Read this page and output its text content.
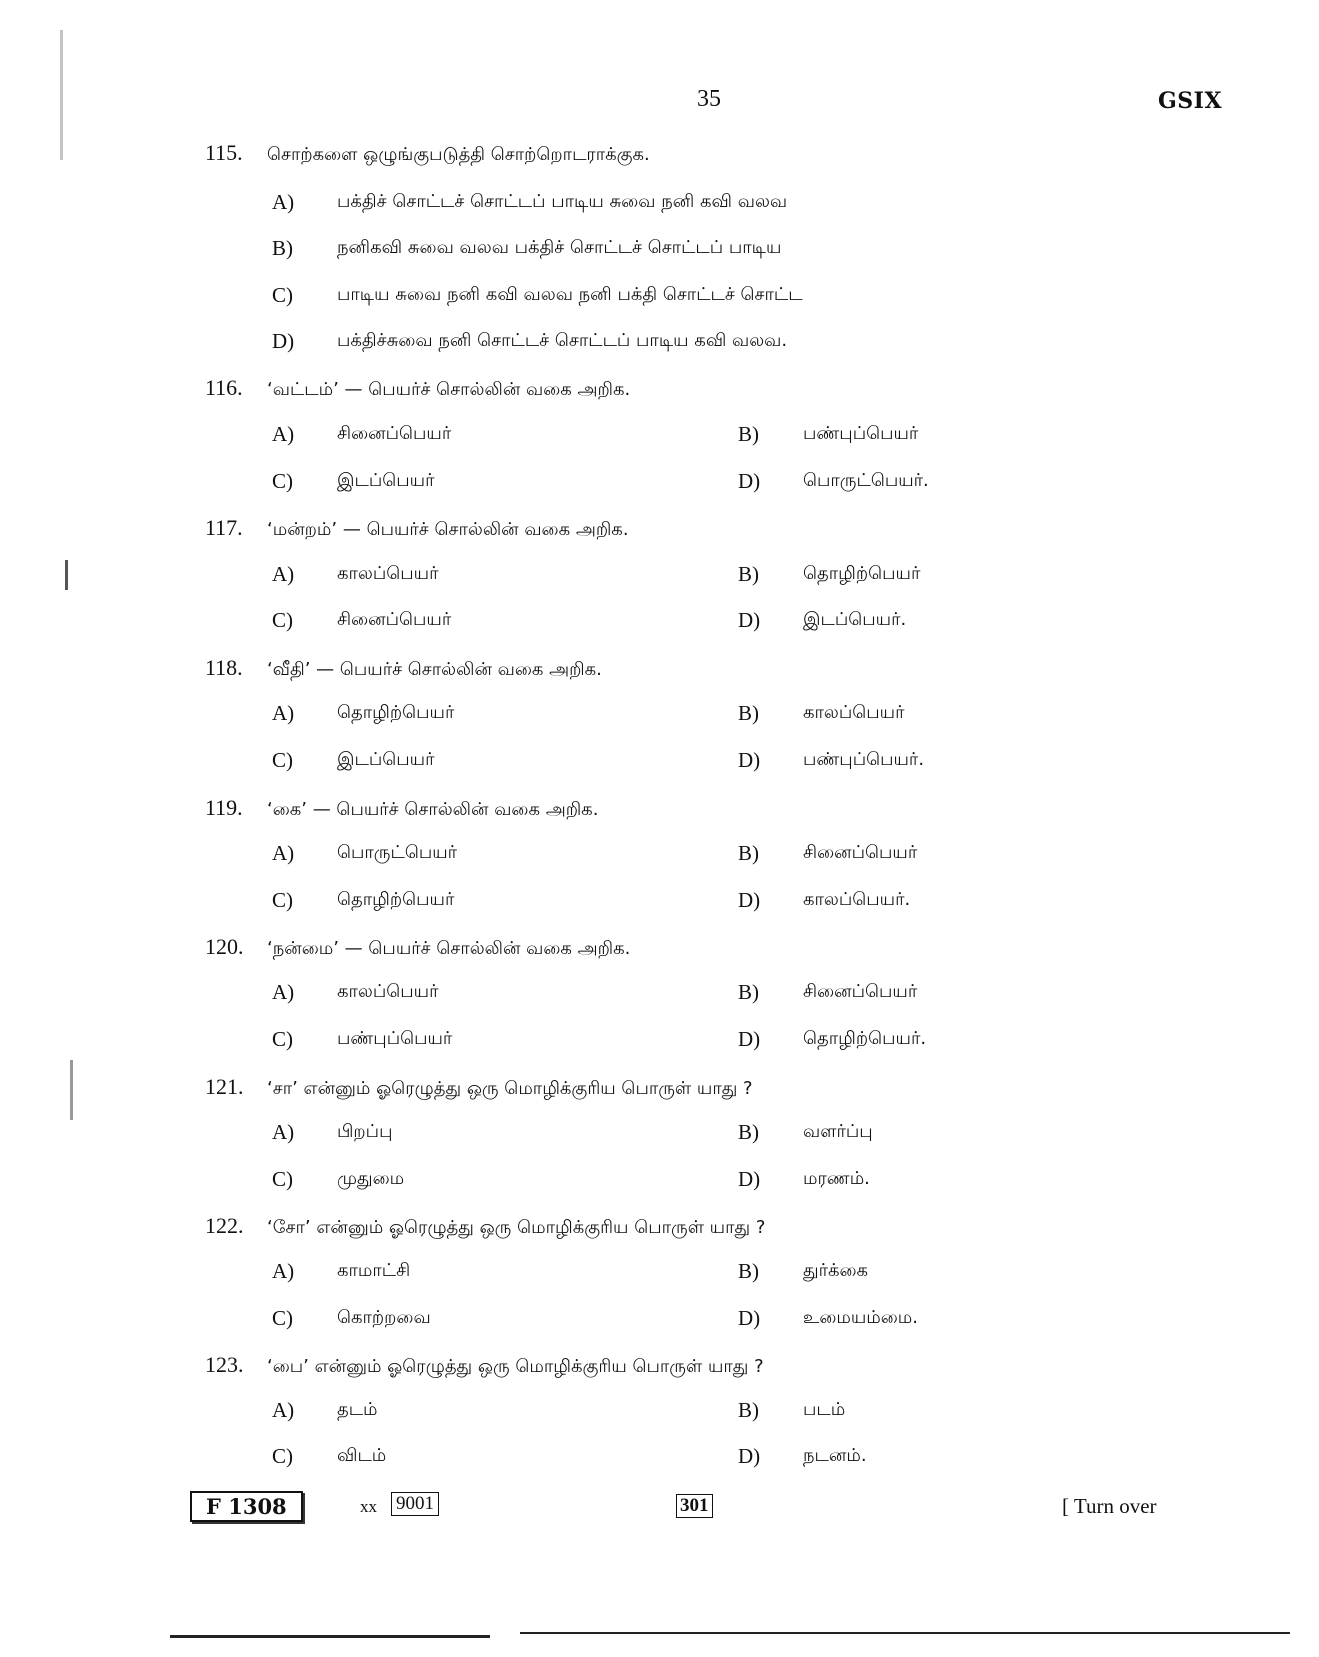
35	GSIX
115. சொற்களை ஒழுங்குபடுத்தி சொற்றொடராக்குக.
A) பக்திச் சொட்டச் சொட்டப் பாடிய சுவை நனி கவி வலவ
B) நனிகவி சுவை வலவ பக்திச் சொட்டச் சொட்டப் பாடிய
C) பாடிய சுவை நனி கவி வலவ நனி பக்தி சொட்டச் சொட்ட
D) பக்திச்சுவை நனி சொட்டச் சொட்டப் பாடிய கவி வலவ.
116. ‘வட்டம்’ — பெயர்ச் சொல்லின் வகை அறிக.
A) சினைப்பெயர்	B) பண்புப்பெயர்
C) இடப்பெயர்	D) பொருட்பெயர்.
117. ‘மன்றம்’ — பெயர்ச் சொல்லின் வகை அறிக.
A) காலப்பெயர்	B) தொழிற்பெயர்
C) சினைப்பெயர்	D) இடப்பெயர்.
118. ‘வீதி’ — பெயர்ச் சொல்லின் வகை அறிக.
A) தொழிற்பெயர்	B) காலப்பெயர்
C) இடப்பெயர்	D) பண்புப்பெயர்.
119. ‘கை’ — பெயர்ச் சொல்லின் வகை அறிக.
A) பொருட்பெயர்	B) சினைப்பெயர்
C) தொழிற்பெயர்	D) காலப்பெயர்.
120. ‘நன்மை’ — பெயர்ச் சொல்லின் வகை அறிக.
A) காலப்பெயர்	B) சினைப்பெயர்
C) பண்புப்பெயர்	D) தொழிற்பெயர்.
121. ‘சா’ என்னும் ஓரெழுத்து ஒரு மொழிக்குரிய பொருள் யாது ?
A) பிறப்பு	B) வளர்ப்பு
C) முதுமை	D) மரணம்.
122. ‘சோ’ என்னும் ஓரெழுத்து ஒரு மொழிக்குரிய பொருள் யாது ?
A) காமாட்சி	B) துர்க்கை
C) கொற்றவை	D) உமையம்மை.
123. ‘பை’ என்னும் ஓரெழுத்து ஒரு மொழிக்குரிய பொருள் யாது ?
A) தடம்	B) படம்
C) விடம்	D) நடனம்.
F 1308	xx 9001	301	[ Turn over
